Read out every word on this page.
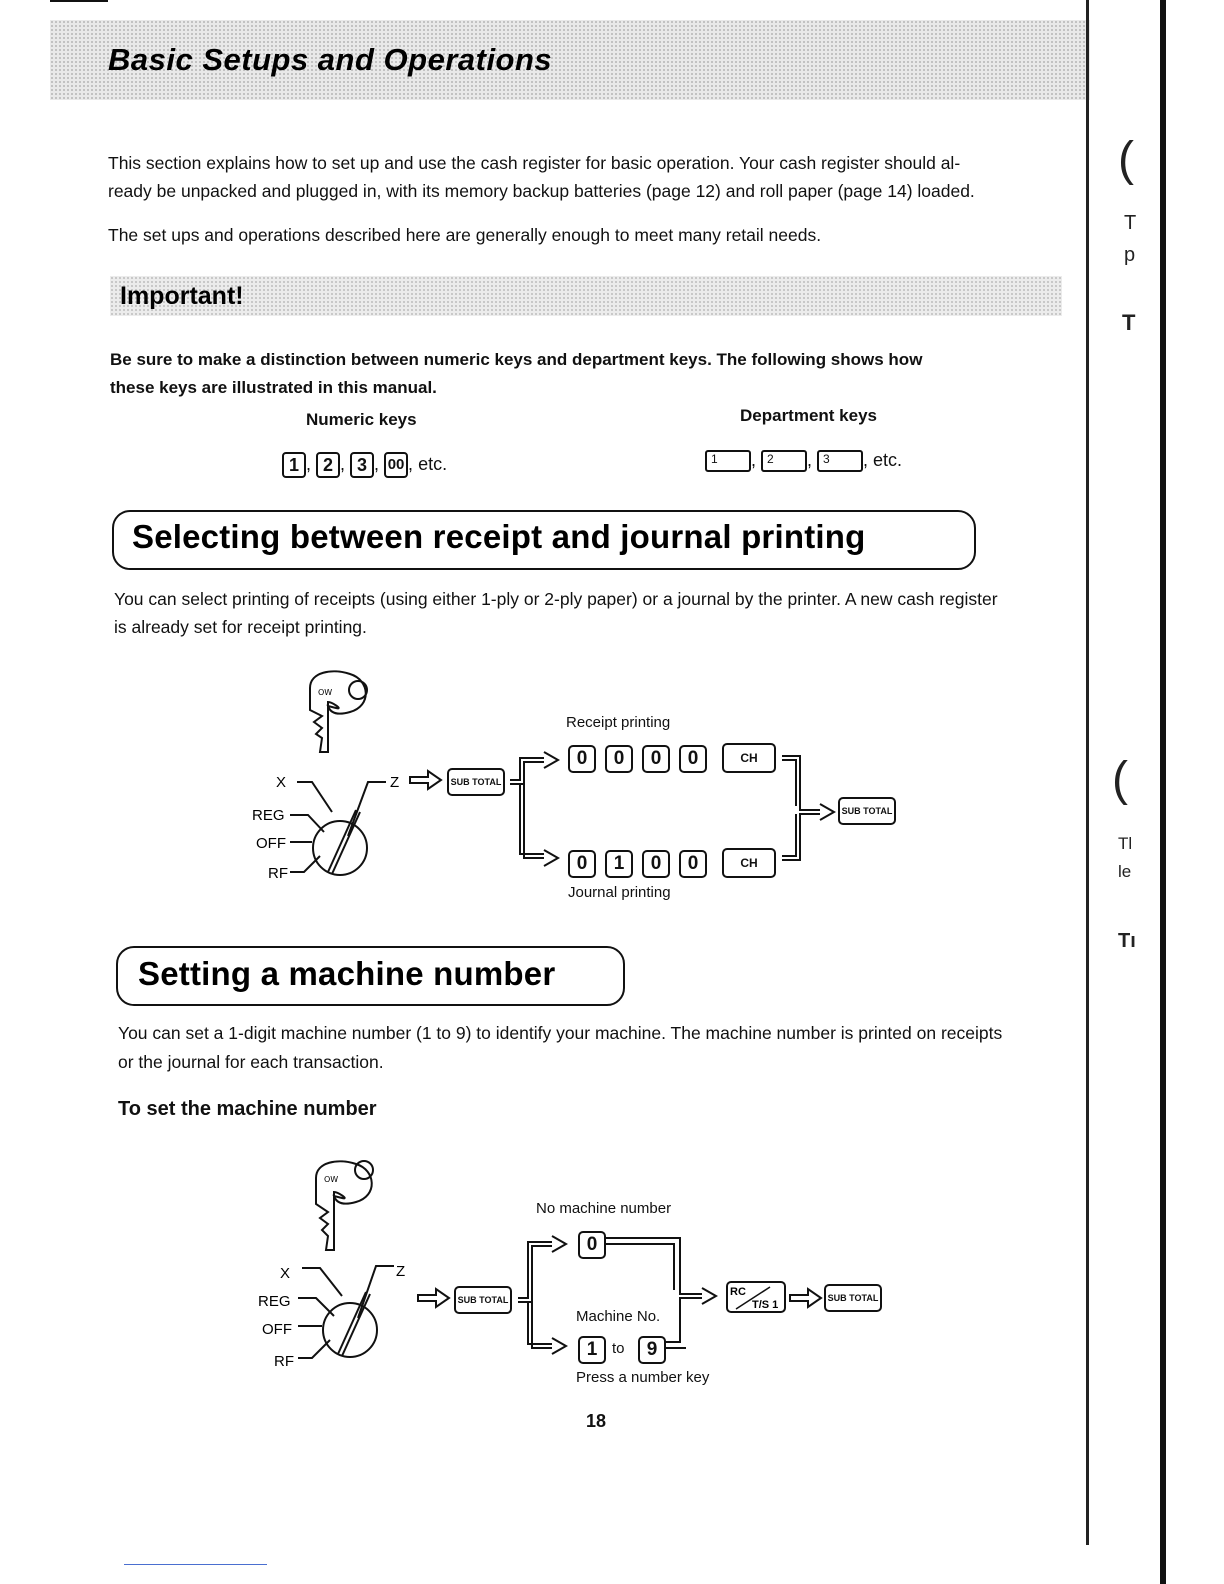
Basic Setups and Operations
This section explains how to set up and use the cash register for basic operation. Your cash register should al-
ready be unpacked and plugged in, with its memory backup batteries (page 12) and roll paper (page 14) loaded.
The set ups and operations described here are generally enough to meet many retail needs.
Important!
Be sure to make a distinction between numeric keys and department keys. The following shows how
these keys are illustrated in this manual.
Numeric keys	Department keys
1 , 2 , 3 , 00 , etc.	1 , 2 , 3 , etc.
Selecting between receipt and journal printing
You can select printing of receipts (using either 1-ply or 2-ply paper) or a journal by the printer. A new cash register
is already set for receipt printing.
OW
X	Z
REG
OFF
RF
SUB TOTAL
Receipt printing
0	0	0	0	CH
0	1	0	0	CH
Journal printing
SUB TOTAL
Setting a machine number
You can set a 1-digit machine number (1 to 9) to identify your machine. The machine number is printed on receipts
or the journal for each transaction.
To set the machine number
OW
X	Z
REG
OFF
RF
SUB TOTAL
No machine number
0
Machine No.
1 to	9
Press a number key
RC
T/S 1
SUB TOTAL
18
(
T
p
T
(
Tl
le
Tı
